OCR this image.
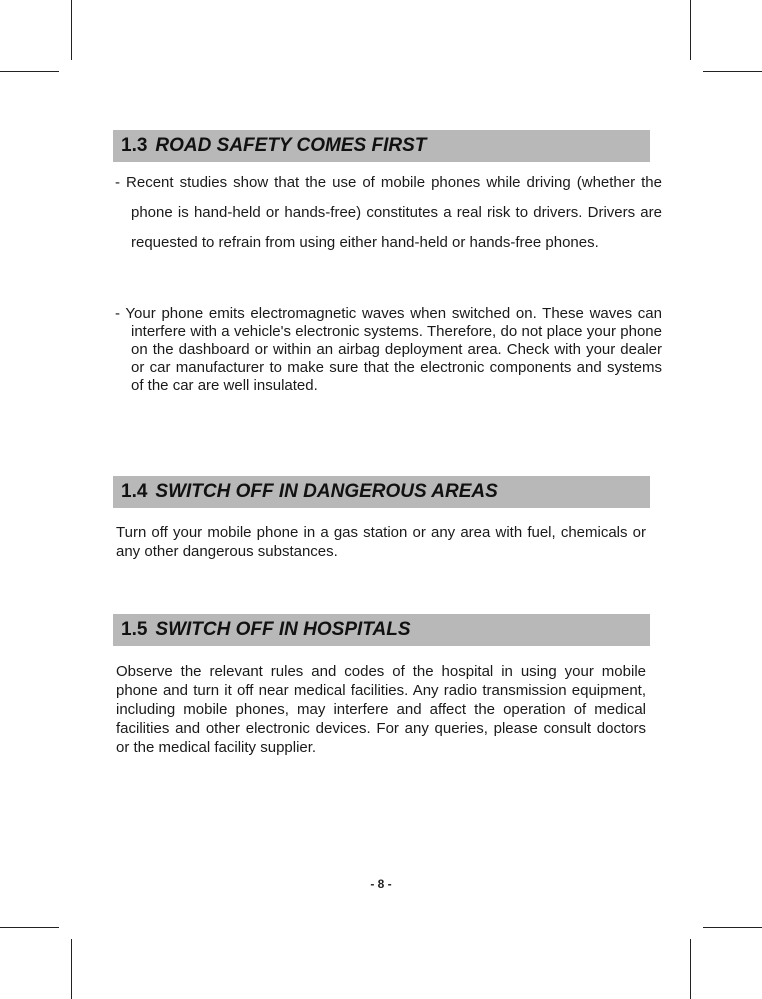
1.3 ROAD SAFETY COMES FIRST
- Recent studies show that the use of mobile phones while driving (whether the phone is hand-held or hands-free) constitutes a real risk to drivers. Drivers are requested to refrain from using either hand-held or hands-free phones.
- Your phone emits electromagnetic waves when switched on. These waves can interfere with a vehicle's electronic systems. Therefore, do not place your phone on the dashboard or within an airbag deployment area. Check with your dealer or car manufacturer to make sure that the electronic components and systems of the car are well insulated.
1.4 SWITCH OFF IN DANGEROUS AREAS
Turn off your mobile phone in a gas station or any area with fuel, chemicals or any other dangerous substances.
1.5 SWITCH OFF IN HOSPITALS
Observe the relevant rules and codes of the hospital in using your mobile phone and turn it off near medical facilities. Any radio transmission equipment, including mobile phones, may interfere and affect the operation of medical facilities and other electronic devices. For any queries, please consult doctors or the medical facility supplier.
- 8 -
